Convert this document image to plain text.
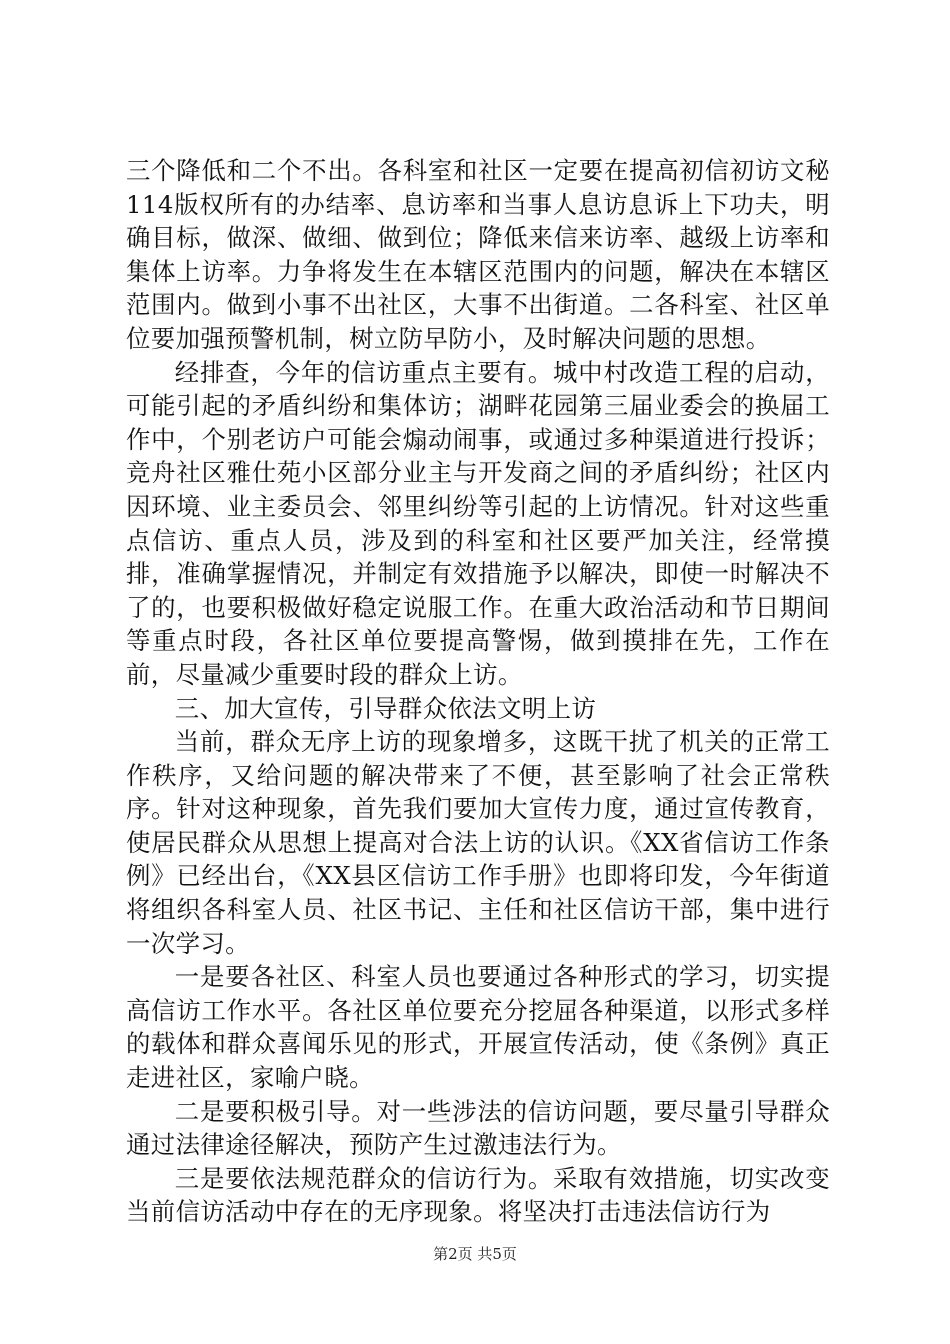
三个降低和二个不出。各科室和社区一定要在提高初信初访文秘114版权所有的办结率、息访率和当事人息访息诉上下功夫，明确目标，做深、做细、做到位；降低来信来访率、越级上访率和集体上访率。力争将发生在本辖区范围内的问题，解决在本辖区范围内。做到小事不出社区，大事不出街道。二各科室、社区单位要加强预警机制，树立防早防小，及时解决问题的思想。

经排查，今年的信访重点主要有。城中村改造工程的启动，可能引起的矛盾纠纷和集体访；湖畔花园第三届业委会的换届工作中，个别老访户可能会煽动闹事，或通过多种渠道进行投诉；竞舟社区雅仕苑小区部分业主与开发商之间的矛盾纠纷；社区内因环境、业主委员会、邻里纠纷等引起的上访情况。针对这些重点信访、重点人员，涉及到的科室和社区要严加关注，经常摸排，准确掌握情况，并制定有效措施予以解决，即使一时解决不了的，也要积极做好稳定说服工作。在重大政治活动和节日期间等重点时段，各社区单位要提高警惕，做到摸排在先，工作在前，尽量减少重要时段的群众上访。

三、加大宣传，引导群众依法文明上访

当前，群众无序上访的现象增多，这既干扰了机关的正常工作秩序，又给问题的解决带来了不便，甚至影响了社会正常秩序。针对这种现象，首先我们要加大宣传力度，通过宣传教育，使居民群众从思想上提高对合法上访的认识。《XX省信访工作条例》已经出台，《XX县区信访工作手册》也即将印发，今年街道将组织各科室人员、社区书记、主任和社区信访干部，集中进行一次学习。

一是要各社区、科室人员也要通过各种形式的学习，切实提高信访工作水平。各社区单位要充分挖屈各种渠道，以形式多样的载体和群众喜闻乐见的形式，开展宣传活动，使《条例》真正走进社区，家喻户晓。

二是要积极引导。对一些涉法的信访问题，要尽量引导群众通过法律途径解决，预防产生过激违法行为。

三是要依法规范群众的信访行为。采取有效措施，切实改变当前信访活动中存在的无序现象。将坚决打击违法信访行为

第2页 共5页
